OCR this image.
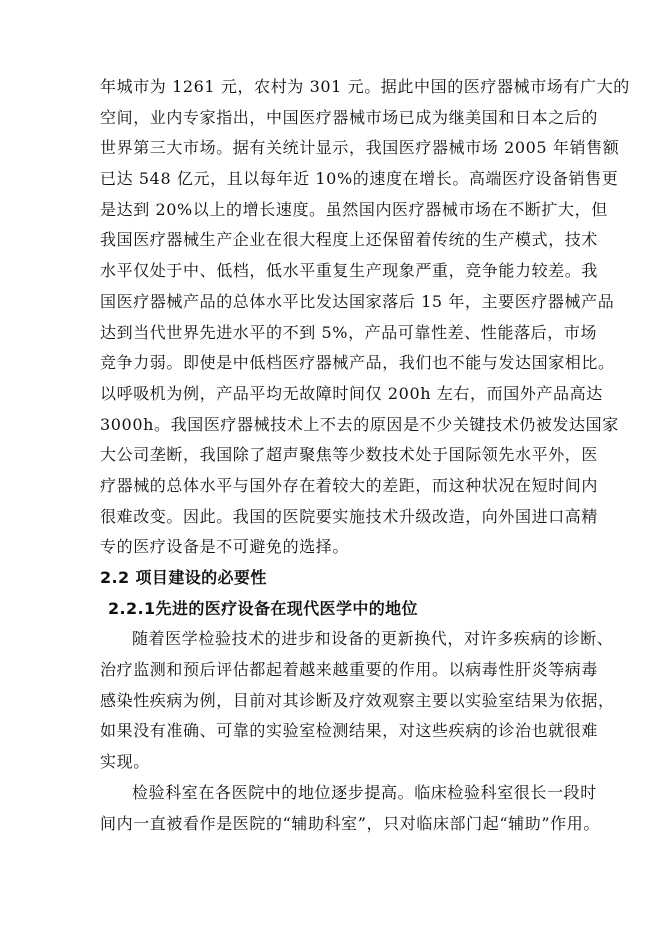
年城市为 1261 元，农村为 301 元。据此中国的医疗器械市场有广大的
空间，业内专家指出，中国医疗器械市场已成为继美国和日本之后的
世界第三大市场。据有关统计显示，我国医疗器械市场 2005 年销售额
已达 548 亿元，且以每年近 10%的速度在增长。高端医疗设备销售更
是达到 20%以上的增长速度。虽然国内医疗器械市场在不断扩大，但
我国医疗器械生产企业在很大程度上还保留着传统的生产模式，技术
水平仅处于中、低档，低水平重复生产现象严重，竞争能力较差。我
国医疗器械产品的总体水平比发达国家落后 15 年，主要医疗器械产品
达到当代世界先进水平的不到 5%，产品可靠性差、性能落后，市场
竞争力弱。即使是中低档医疗器械产品，我们也不能与发达国家相比。
以呼吸机为例，产品平均无故障时间仅 200h 左右，而国外产品高达
3000h。我国医疗器械技术上不去的原因是不少关键技术仍被发达国家
大公司垄断，我国除了超声聚焦等少数技术处于国际领先水平外，医
疗器械的总体水平与国外存在着较大的差距，而这种状况在短时间内
很难改变。因此。我国的医院要实施技术升级改造，向外国进口高精
专的医疗设备是不可避免的选择。
2.2 项目建设的必要性
2.2.1先进的医疗设备在现代医学中的地位
随着医学检验技术的进步和设备的更新换代，对许多疾病的诊断、
治疗监测和预后评估都起着越来越重要的作用。以病毒性肝炎等病毒
感染性疾病为例，目前对其诊断及疗效观察主要以实验室结果为依据，
如果没有准确、可靠的实验室检测结果，对这些疾病的诊治也就很难
实现。
检验科室在各医院中的地位逐步提高。临床检验科室很长一段时
间内一直被看作是医院的“辅助科室”，只对临床部门起“辅助”作用。
